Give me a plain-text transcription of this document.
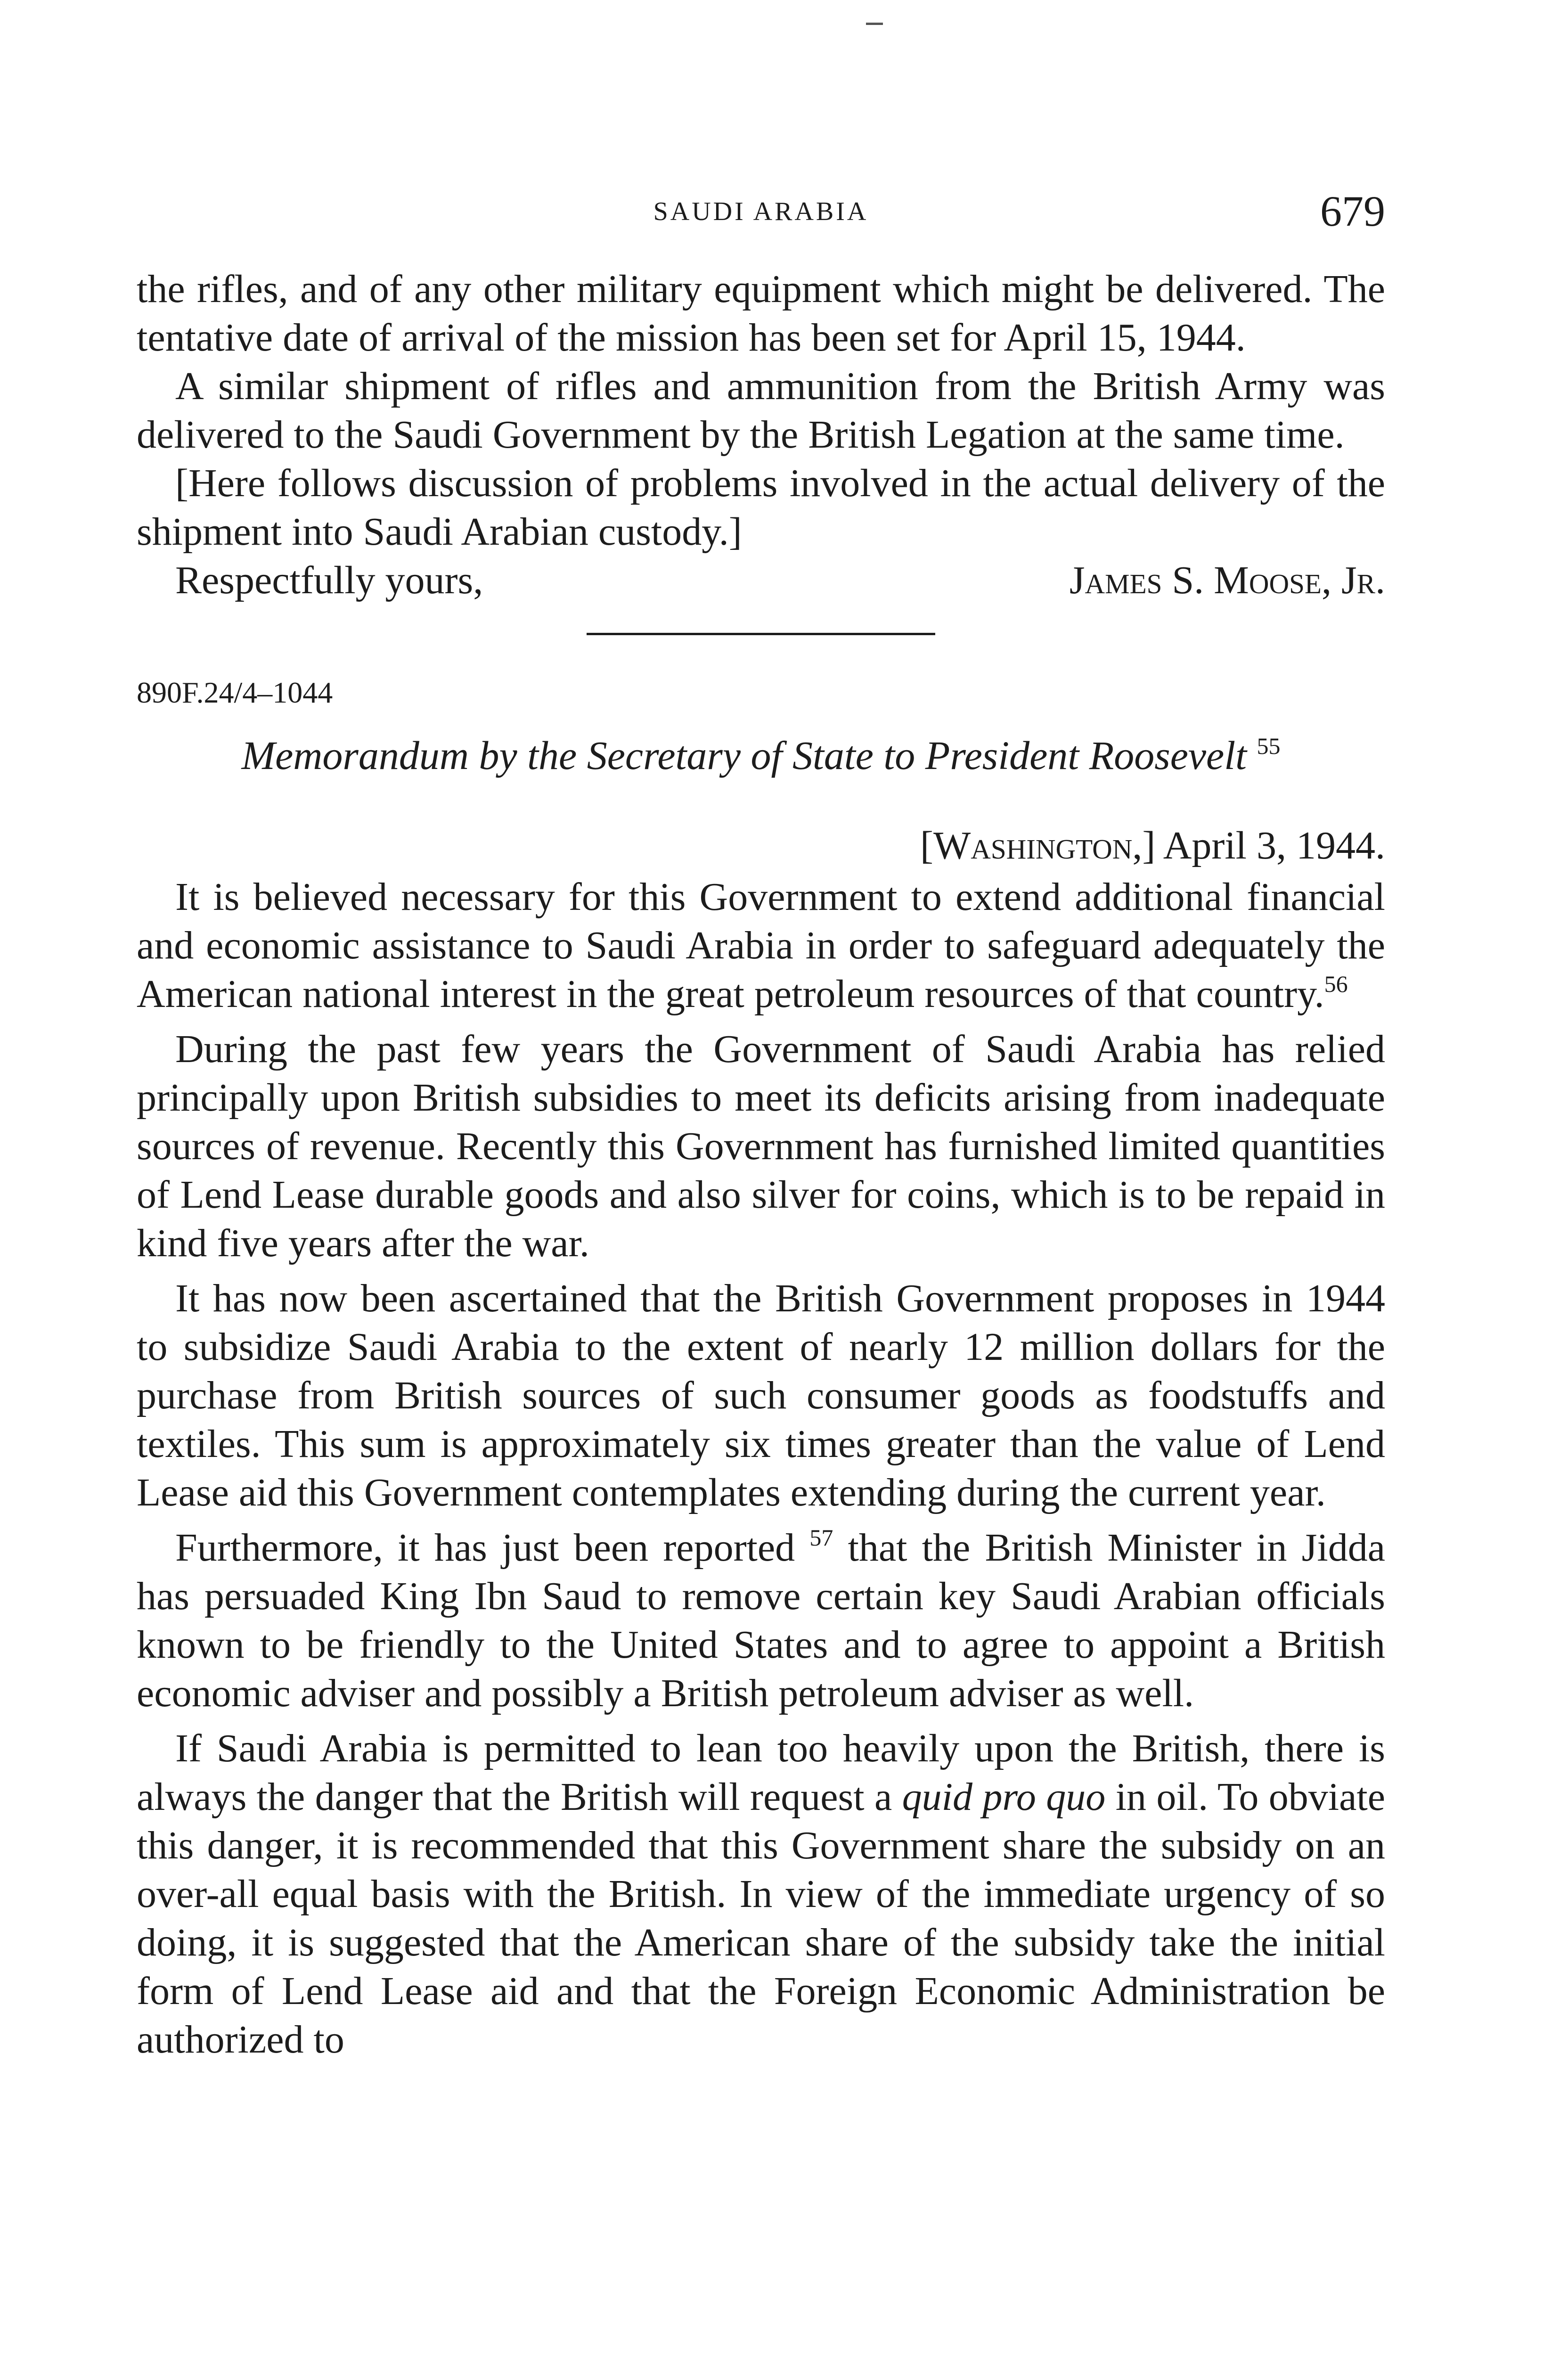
SAUDI ARABIA	679

the rifles, and of any other military equipment which might be delivered. The tentative date of arrival of the mission has been set for April 15, 1944.

A similar shipment of rifles and ammunition from the British Army was delivered to the Saudi Government by the British Legation at the same time.

[Here follows discussion of problems involved in the actual delivery of the shipment into Saudi Arabian custody.]

Respectfully yours,	James S. Moose, Jr.
890F.24/4–1044
Memorandum by the Secretary of State to President Roosevelt $^{55}$
[Washington,] April 3, 1944.

It is believed necessary for this Government to extend additional financial and economic assistance to Saudi Arabia in order to safeguard adequately the American national interest in the great petroleum resources of that country.$^{56}$

During the past few years the Government of Saudi Arabia has relied principally upon British subsidies to meet its deficits arising from inadequate sources of revenue. Recently this Government has furnished limited quantities of Lend Lease durable goods and also silver for coins, which is to be repaid in kind five years after the war.

It has now been ascertained that the British Government proposes in 1944 to subsidize Saudi Arabia to the extent of nearly 12 million dollars for the purchase from British sources of such consumer goods as foodstuffs and textiles. This sum is approximately six times greater than the value of Lend Lease aid this Government contemplates extending during the current year.

Furthermore, it has just been reported $^{57}$ that the British Minister in Jidda has persuaded King Ibn Saud to remove certain key Saudi Arabian officials known to be friendly to the United States and to agree to appoint a British economic adviser and possibly a British petroleum adviser as well.

If Saudi Arabia is permitted to lean too heavily upon the British, there is always the danger that the British will request a quid pro quo in oil. To obviate this danger, it is recommended that this Government share the subsidy on an over-all equal basis with the British. In view of the immediate urgency of so doing, it is suggested that the American share of the subsidy take the initial form of Lend Lease aid and that the Foreign Economic Administration be authorized to
